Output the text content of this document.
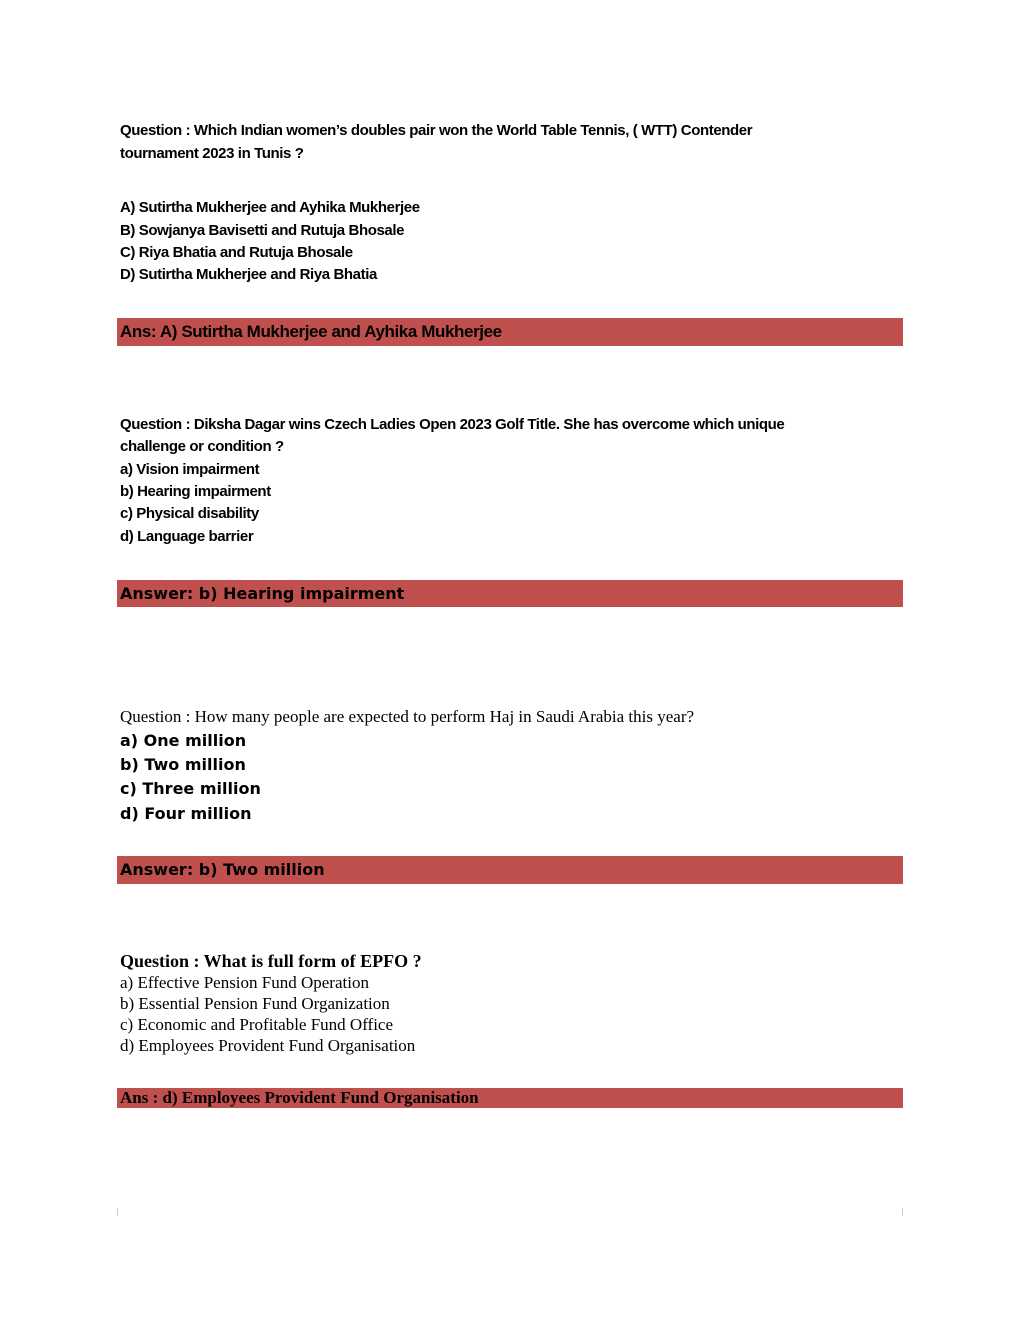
Question : Which Indian women’s doubles pair won the World Table Tennis, ( WTT) Contender
tournament 2023 in Tunis ?
A) Sutirtha Mukherjee and Ayhika Mukherjee
B) Sowjanya Bavisetti and Rutuja Bhosale
C) Riya Bhatia and Rutuja Bhosale
D) Sutirtha Mukherjee and Riya Bhatia
Ans: A) Sutirtha Mukherjee and Ayhika Mukherjee
Question : Diksha Dagar wins Czech Ladies Open 2023 Golf Title. She has overcome which unique
challenge or condition ?
a) Vision impairment
b) Hearing impairment
c) Physical disability
d) Language barrier
Answer: b) Hearing impairment
Question : How many people are expected to perform Haj in Saudi Arabia this year?
a) One million
b) Two million
c) Three million
d) Four million
Answer: b) Two million
Question : What is full form of EPFO ?
a) Effective Pension Fund Operation
b) Essential Pension Fund Organization
c) Economic and Profitable Fund Office
d) Employees Provident Fund Organisation
Ans : d) Employees Provident Fund Organisation
